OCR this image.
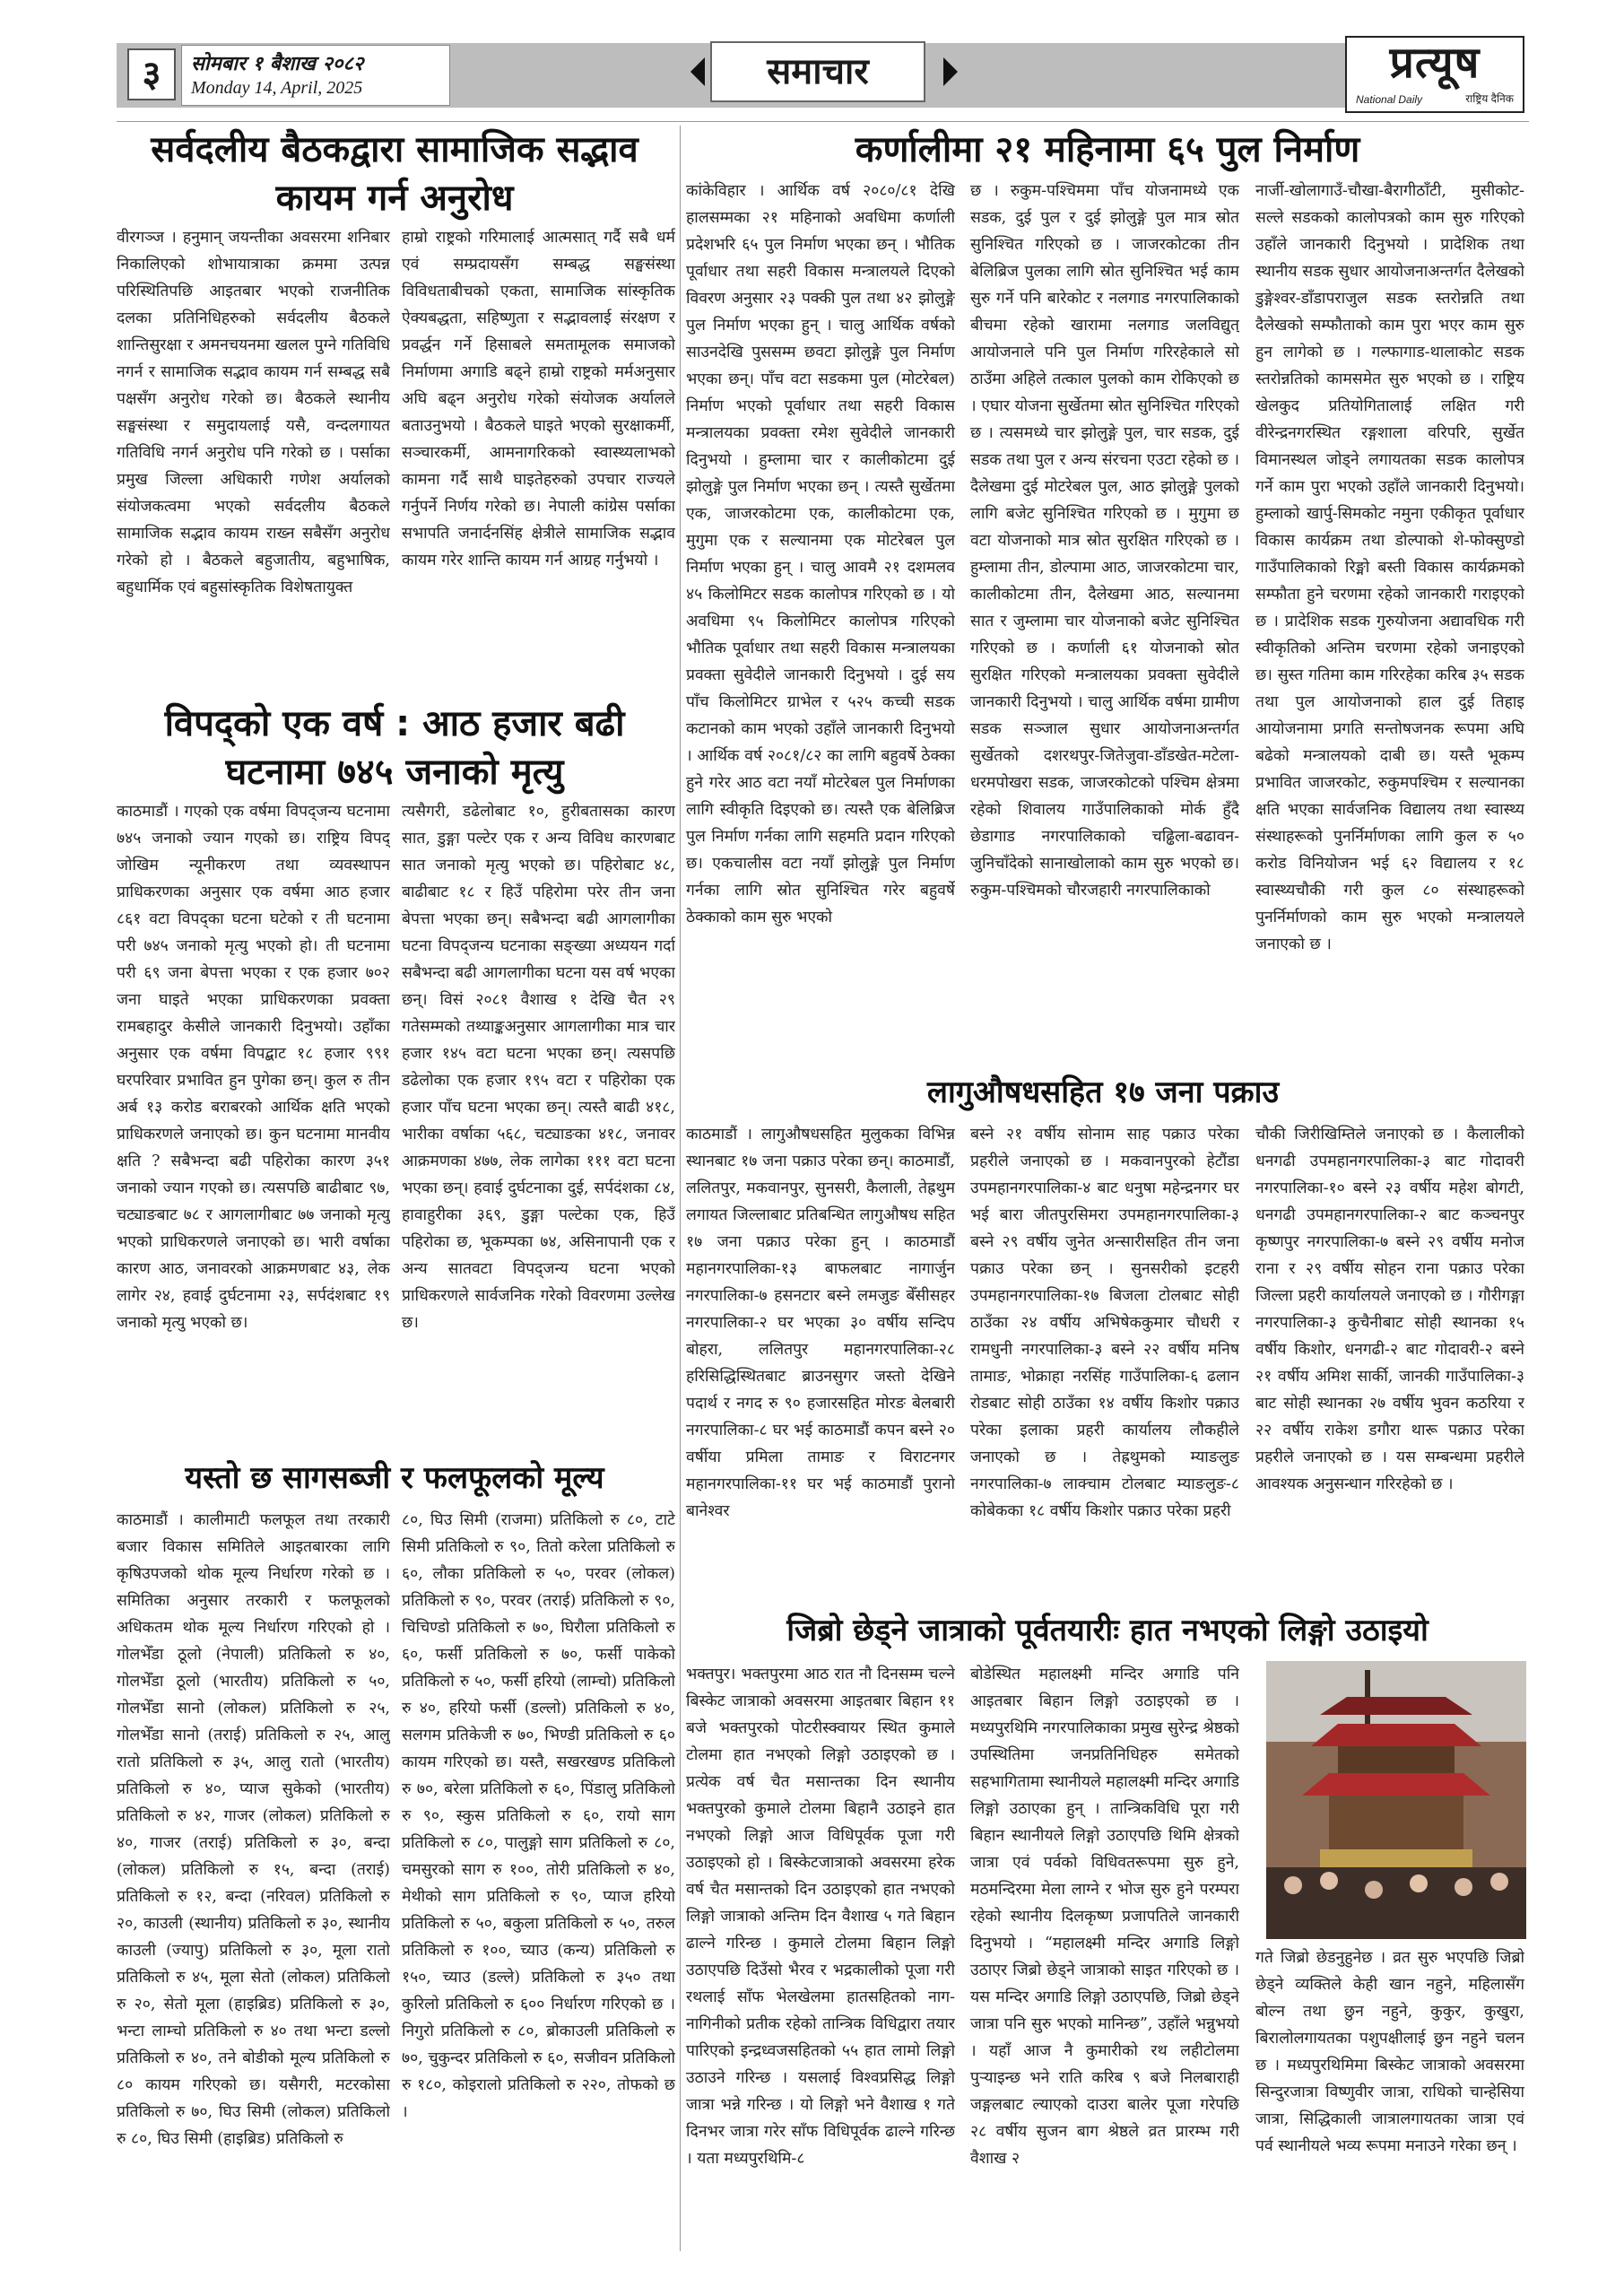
३	सोमबार १ बैशाख २०८२
Monday 14, April, 2025	समाचार	प्रत्यूष
National Daily	राष्ट्रिय दैनिक
सर्वदलीय बैठकद्वारा सामाजिक सद्भाव
कायम गर्न अनुरोध
वीरगञ्ज । हनुमान् जयन्तीका अवसरमा शनिबार निकालिएको शोभायात्राका क्रममा उत्पन्न परिस्थितिपछि आइतबार भएको राजनीतिक दलका प्रतिनिधिहरुको सर्वदलीय बैठकले शान्तिसुरक्षा र अमनचयनमा खलल पुग्ने गतिविधि नगर्न र सामाजिक सद्भाव कायम गर्न सम्बद्ध सबै पक्षसँग अनुरोध गरेको छ। बैठकले स्थानीय सङ्घसंस्था र समुदायलाई यसै, वन्दलगायत गतिविधि नगर्न अनुरोध पनि गरेको छ । पर्साका प्रमुख जिल्ला अधिकारी गणेश अर्यालको संयोजकत्वमा भएको सर्वदलीय बैठकले सामाजिक सद्भाव कायम राख्न सबैसँग अनुरोध गरेको हो । बैठकले बहुजातीय, बहुभाषिक, बहुधार्मिक एवं बहुसांस्कृतिक विशेषतायुक्त
हाम्रो राष्ट्रको गरिमालाई आत्मसात् गर्दै सबै धर्म एवं सम्प्रदायसँग सम्बद्ध सङ्घसंस्था विविधताबीचको एकता, सामाजिक सांस्कृतिक ऐक्यबद्धता, सहिष्णुता र सद्भावलाई संरक्षण र प्रवर्द्धन गर्ने हिसाबले समतामूलक समाजको निर्माणमा अगाडि बढ्ने हाम्रो राष्ट्रको मर्मअनुसार अघि बढ्न अनुरोध गरेको संयोजक अर्यालले बताउनुभयो । बैठकले घाइते भएको सुरक्षाकर्मी, सञ्चारकर्मी, आमनागरिकको स्वास्थ्यलाभको कामना गर्दै साथै घाइतेहरुको उपचार राज्यले गर्नुपर्ने निर्णय गरेको छ। नेपाली कांग्रेस पर्साका सभापति जनार्दनसिंह क्षेत्रीले सामाजिक सद्भाव कायम गरेर शान्ति कायम गर्न आग्रह गर्नुभयो ।
विपद्को एक वर्ष : आठ हजार बढी
घटनामा ७४५ जनाको मृत्यु
काठमाडौं । गएको एक वर्षमा विपद्जन्य घटनामा ७४५ जनाको ज्यान गएको छ। राष्ट्रिय विपद् जोखिम न्यूनीकरण तथा व्यवस्थापन प्राधिकरणका अनुसार एक वर्षमा आठ हजार ८६१ वटा विपद्का घटना घटेको र ती घटनामा परी ७४५ जनाको मृत्यु भएको हो। ती घटनामा परी ६९ जना बेपत्ता भएका र एक हजार ७०२ जना घाइते भएका प्राधिकरणका प्रवक्ता रामबहादुर केसीले जानकारी दिनुभयो। उहाँका अनुसार एक वर्षमा विपद्बाट १८ हजार ९९१ घरपरिवार प्रभावित हुन पुगेका छन्। कुल रु तीन अर्ब १३ करोड बराबरको आर्थिक क्षति भएको प्राधिकरणले जनाएको छ। कुन घटनामा मानवीय क्षति ? सबैभन्दा बढी पहिरोका कारण ३५१ जनाको ज्यान गएको छ। त्यसपछि बाढीबाट ९७, चट्याङबाट ७८ र आगलागीबाट ७७ जनाको मृत्यु भएको प्राधिकरणले जनाएको छ। भारी वर्षाका कारण आठ, जनावरको आक्रमणबाट ४३, लेक लागेर २४, हवाई दुर्घटनामा २३, सर्पदंशबाट १९ जनाको मृत्यु भएको छ।
त्यसैगरी, डढेलोबाट १०, हुरीबतासका कारण सात, डुङ्गा पल्टेर एक र अन्य विविध कारणबाट सात जनाको मृत्यु भएको छ। पहिरोबाट ४८, बाढीबाट १८ र हिउँ पहिरोमा परेर तीन जना बेपत्ता भएका छन्। सबैभन्दा बढी आगलागीका घटना विपद्जन्य घटनाका सङ्ख्या अध्ययन गर्दा सबैभन्दा बढी आगलागीका घटना यस वर्ष भएका छन्। विसं २०८१ वैशाख १ देखि चैत २९ गतेसम्मको तथ्याङ्कअनुसार आगलागीका मात्र चार हजार १४५ वटा घटना भएका छन्। त्यसपछि डढेलोका एक हजार १९५ वटा र पहिरोका एक हजार पाँच घटना भएका छन्। त्यस्तै बाढी ४१८, भारीका वर्षाका ५६८, चट्याङका ४१८, जनावर आक्रमणका ४७७, लेक लागेका १११ वटा घटना भएका छन्। हवाई दुर्घटनाका दुई, सर्पदंशका ८४, हावाहुरीका ३६९, डुङ्गा पल्टेका एक, हिउँ पहिरोका छ, भूकम्पका ७४, असिनापानी एक र अन्य सातवटा विपद्जन्य घटना भएको प्राधिकरणले सार्वजनिक गरेको विवरणमा उल्लेख छ।
यस्तो छ सागसब्जी र फलफूलको मूल्य
काठमाडौं । कालीमाटी फलफूल तथा तरकारी बजार विकास समितिले आइतबारका लागि कृषिउपजको थोक मूल्य निर्धारण गरेको छ । समितिका अनुसार तरकारी र फलफूलको अधिकतम थोक मूल्य निर्धारण गरिएको हो । गोलभेँडा ठूलो (नेपाली) प्रतिकिलो रु ४०, गोलभेँडा ठूलो (भारतीय) प्रतिकिलो रु ५०, गोलभेँडा सानो (लोकल) प्रतिकिलो रु २५, गोलभेँडा सानो (तराई) प्रतिकिलो रु २५, आलु रातो प्रतिकिलो रु ३५, आलु रातो (भारतीय) प्रतिकिलो रु ४०, प्याज सुकेको (भारतीय) प्रतिकिलो रु ४२, गाजर (लोकल) प्रतिकिलो रु ४०, गाजर (तराई) प्रतिकिलो रु ३०, बन्दा (लोकल) प्रतिकिलो रु १५, बन्दा (तराई) प्रतिकिलो रु १२, बन्दा (नरिवल) प्रतिकिलो रु २०, काउली (स्थानीय) प्रतिकिलो रु ३०, स्थानीय काउली (ज्यापु) प्रतिकिलो रु ३०, मूला रातो प्रतिकिलो रु ४५, मूला सेतो (लोकल) प्रतिकिलो रु २०, सेतो मूला (हाइब्रिड) प्रतिकिलो रु ३०, भन्टा लाम्चो प्रतिकिलो रु ४० तथा भन्टा डल्लो प्रतिकिलो रु ४०, तने बोडीको मूल्य प्रतिकिलो रु ८० कायम गरिएको छ। यसैगरी, मटरकोसा प्रतिकिलो रु ७०, घिउ सिमी (लोकल) प्रतिकिलो रु ८०, घिउ सिमी (हाइब्रिड) प्रतिकिलो रु
८०, घिउ सिमी (राजमा) प्रतिकिलो रु ८०, टाटे सिमी प्रतिकिलो रु ९०, तितो करेला प्रतिकिलो रु ६०, लौका प्रतिकिलो रु ५०, परवर (लोकल) प्रतिकिलो रु ९०, परवर (तराई) प्रतिकिलो रु ९०, चिचिण्डो प्रतिकिलो रु ७०, घिरौला प्रतिकिलो रु ६०, फर्सी प्रतिकिलो रु ७०, फर्सी पाकेको प्रतिकिलो रु ५०, फर्सी हरियो (लाम्चो) प्रतिकिलो रु ४०, हरियो फर्सी (डल्लो) प्रतिकिलो रु ४०, सलगम प्रतिकेजी रु ७०, भिण्डी प्रतिकिलो रु ६० कायम गरिएको छ। यस्तै, सखरखण्ड प्रतिकिलो रु ७०, बरेला प्रतिकिलो रु ६०, पिंडालु प्रतिकिलो रु ९०, स्कुस प्रतिकिलो रु ६०, रायो साग प्रतिकिलो रु ८०, पालुङ्गो साग प्रतिकिलो रु ८०, चमसुरको साग रु १००, तोरी प्रतिकिलो रु ४०, मेथीको साग प्रतिकिलो रु ९०, प्याज हरियो प्रतिकिलो रु ५०, बकुला प्रतिकिलो रु ५०, तरुल प्रतिकिलो रु १००, च्याउ (कन्य) प्रतिकिलो रु १५०, च्याउ (डल्ले) प्रतिकिलो रु ३५० तथा कुरिलो प्रतिकिलो रु ६०० निर्धारण गरिएको छ । निगुरो प्रतिकिलो रु ८०, ब्रोकाउली प्रतिकिलो रु ७०, चुकुन्दर प्रतिकिलो रु ६०, सजीवन प्रतिकिलो रु १८०, कोइरालो प्रतिकिलो रु २२०, तोफको छ ।
कर्णालीमा २१ महिनामा ६५ पुल निर्माण
कांकेविहार । आर्थिक वर्ष २०८०/८१ देखि हालसम्मका २१ महिनाको अवधिमा कर्णाली प्रदेशभरि ६५ पुल निर्माण भएका छन् । भौतिक पूर्वाधार तथा सहरी विकास मन्त्रालयले दिएको विवरण अनुसार २३ पक्की पुल तथा ४२ झोलुङ्गे पुल निर्माण भएका हुन् । चालु आर्थिक वर्षको साउनदेखि पुससम्म छवटा झोलुङ्गे पुल निर्माण भएका छन्। पाँच वटा सडकमा पुल (मोटरेबल) निर्माण भएको पूर्वाधार तथा सहरी विकास मन्त्रालयका प्रवक्ता रमेश सुवेदीले जानकारी दिनुभयो । हुम्लामा चार र कालीकोटमा दुई झोलुङ्गे पुल निर्माण भएका छन् । त्यस्तै सुर्खेतमा एक, जाजरकोटमा एक, कालीकोटमा एक, मुगुमा एक र सल्यानमा एक मोटरेबल पुल निर्माण भएका हुन् । चालु आवमै २१ दशमलव ४५ किलोमिटर सडक कालोपत्र गरिएको छ । यो अवधिमा ९५ किलोमिटर कालोपत्र गरिएको भौतिक पूर्वाधार तथा सहरी विकास मन्त्रालयका प्रवक्ता सुवेदीले जानकारी दिनुभयो । दुई सय पाँच किलोमिटर ग्राभेल र ५२५ कच्ची सडक कटानको काम भएको उहाँले जानकारी दिनुभयो । आर्थिक वर्ष २०८१/८२ का लागि बहुवर्षे ठेक्का हुने गरेर आठ वटा नयाँ मोटरेबल पुल निर्माणका लागि स्वीकृति दिइएको छ। त्यस्तै एक बेलिब्रिज पुल निर्माण गर्नका लागि सहमति प्रदान गरिएको छ। एकचालीस वटा नयाँ झोलुङ्गे पुल निर्माण गर्नका लागि स्रोत सुनिश्चित गरेर बहुवर्षे ठेक्काको काम सुरु भएको
छ । रुकुम-पश्चिममा पाँच योजनामध्ये एक सडक, दुई पुल र दुई झोलुङ्गे पुल मात्र स्रोत सुनिश्चित गरिएको छ । जाजरकोटका तीन बेलिब्रिज पुलका लागि स्रोत सुनिश्चित भई काम सुरु गर्ने पनि बारेकोट र नलगाड नगरपालिकाको बीचमा रहेको खारामा नलगाड जलविद्युत् आयोजनाले पनि पुल निर्माण गरिरहेकाले सो ठाउँमा अहिले तत्काल पुलको काम रोकिएको छ । एघार योजना सुर्खेतमा स्रोत सुनिश्चित गरिएको छ । त्यसमध्ये चार झोलुङ्गे पुल, चार सडक, दुई सडक तथा पुल र अन्य संरचना एउटा रहेको छ । दैलेखमा दुई मोटरेबल पुल, आठ झोलुङ्गे पुलको लागि बजेट सुनिश्चित गरिएको छ । मुगुमा छ वटा योजनाको मात्र स्रोत सुरक्षित गरिएको छ । हुम्लामा तीन, डोल्पामा आठ, जाजरकोटमा चार, कालीकोटमा तीन, दैलेखमा आठ, सल्यानमा सात र जुम्लामा चार योजनाको बजेट सुनिश्चित गरिएको छ । कर्णाली ६१ योजनाको स्रोत सुरक्षित गरिएको मन्त्रालयका प्रवक्ता सुवेदीले जानकारी दिनुभयो । चालु आर्थिक वर्षमा ग्रामीण सडक सञ्जाल सुधार आयोजनाअन्तर्गत सुर्खेतको दशरथपुर-जितेजुवा-डाँडखेत-मटेला-धरमपोखरा सडक, जाजरकोटको पश्चिम क्षेत्रमा रहेको शिवालय गाउँपालिकाको मोर्क हुँदै छेडागाड नगरपालिकाको चढ्ढिला-बढावन-जुनिचाँदेको सानाखोलाको काम सुरु भएको छ। रुकुम-पश्चिमको चौरजहारी नगरपालिकाको
नार्जी-खोलागाउँ-चौखा-बैरागीठाँटी, मुसीकोट-सल्ले सडकको कालोपत्रको काम सुरु गरिएको उहाँले जानकारी दिनुभयो । प्रादेशिक तथा स्थानीय सडक सुधार आयोजनाअन्तर्गत दैलेखको डुङ्गेश्वर-डाँडापराजुल सडक स्तरोन्नति तथा दैलेखको सम्फौताको काम पुरा भएर काम सुरु हुन लागेको छ । गल्फागाड-थालाकोट सडक स्तरोन्नतिको कामसमेत सुरु भएको छ । राष्ट्रिय खेलकुद प्रतियोगितालाई लक्षित गरी वीरेन्द्रनगरस्थित रङ्गशाला वरिपरि, सुर्खेत विमानस्थल जोड्ने लगायतका सडक कालोपत्र गर्ने काम पुरा भएको उहाँले जानकारी दिनुभयो। हुम्लाको खार्पु-सिमकोट नमुना एकीकृत पूर्वाधार विकास कार्यक्रम तथा डोल्पाको शे-फोक्सुण्डो गाउँपालिकाको रिङ्मो बस्ती विकास कार्यक्रमको सम्फौता हुने चरणमा रहेको जानकारी गराइएको छ । प्रादेशिक सडक गुरुयोजना अद्यावधिक गरी स्वीकृतिको अन्तिम चरणमा रहेको जनाइएको छ। सुस्त गतिमा काम गरिरहेका करिब ३५ सडक तथा पुल आयोजनाको हाल दुई तिहाइ आयोजनामा प्रगति सन्तोषजनक रूपमा अघि बढेको मन्त्रालयको दाबी छ। यस्तै भूकम्प प्रभावित जाजरकोट, रुकुमपश्चिम र सल्यानका क्षति भएका सार्वजनिक विद्यालय तथा स्वास्थ्य संस्थाहरूको पुनर्निर्माणका लागि कुल रु ५० करोड विनियोजन भई ६२ विद्यालय र १८ स्वास्थ्यचौकी गरी कुल ८० संस्थाहरूको पुनर्निर्माणको काम सुरु भएको मन्त्रालयले जनाएको छ ।
लागुऔषधसहित १७ जना पक्राउ
काठमाडौं । लागुऔषधसहित मुलुकका विभिन्न स्थानबाट १७ जना पक्राउ परेका छन्। काठमाडौं, ललितपुर, मकवानपुर, सुनसरी, कैलाली, तेह्रथुम लगायत जिल्लाबाट प्रतिबन्धित लागुऔषध सहित १७ जना पक्राउ परेका हुन् । काठमाडौं महानगरपालिका-१३ बाफलबाट नागार्जुन नगरपालिका-७ हसनटार बस्ने लमजुङ बेँसीसहर नगरपालिका-२ घर भएका ३० वर्षीय सन्दिप बोहरा, ललितपुर महानगरपालिका-२८ हरिसिद्धिस्थितबाट ब्राउनसुगर जस्तो देखिने पदार्थ र नगद रु ९० हजारसहित मोरङ बेलबारी नगरपालिका-८ घर भई काठमाडौं कपन बस्ने २० वर्षीया प्रमिला तामाङ र विराटनगर महानगरपालिका-११ घर भई काठमाडौं पुरानो बानेश्वर
बस्ने २१ वर्षीय सोनाम साह पक्राउ परेका प्रहरीले जनाएको छ । मकवानपुरको हेटौंडा उपमहानगरपालिका-४ बाट धनुषा महेन्द्रनगर घर भई बारा जीतपुरसिमरा उपमहानगरपालिका-३ बस्ने २९ वर्षीय जुनेत अन्सारीसहित तीन जना पक्राउ परेका छन् । सुनसरीको इटहरी उपमहानगरपालिका-१७ बिजला टोलबाट सोही ठाउँका २४ वर्षीय अभिषेककुमार चौधरी र रामधुनी नगरपालिका-३ बस्ने २२ वर्षीय मनिष तामाङ, भोक्राहा नरसिंह गाउँपालिका-६ ढलान रोडबाट सोही ठाउँका १४ वर्षीय किशोर पक्राउ परेका इलाका प्रहरी कार्यालय लौकहीले जनाएको छ । तेह्रथुमको म्याङलुङ नगरपालिका-७ लाक्चाम टोलबाट म्याङलुङ-८ कोबेकका १८ वर्षीय किशोर पक्राउ परेका प्रहरी
चौकी जिरीखिम्तिले जनाएको छ । कैलालीको धनगढी उपमहानगरपालिका-३ बाट गोदावरी नगरपालिका-१० बस्ने २३ वर्षीय महेश बोगटी, धनगढी उपमहानगरपालिका-२ बाट कञ्चनपुर कृष्णपुर नगरपालिका-७ बस्ने २९ वर्षीय मनोज राना र २९ वर्षीय सोहन राना पक्राउ परेका जिल्ला प्रहरी कार्यालयले जनाएको छ । गौरीगङ्गा नगरपालिका-३ कुचैनीबाट सोही स्थानका १५ वर्षीय किशोर, धनगढी-२ बाट गोदावरी-२ बस्ने २१ वर्षीय अमिश सार्की, जानकी गाउँपालिका-३ बाट सोही स्थानका २७ वर्षीय भुवन कठरिया र २२ वर्षीय राकेश डगौरा थारू पक्राउ परेका प्रहरीले जनाएको छ । यस सम्बन्धमा प्रहरीले आवश्यक अनुसन्धान गरिरहेको छ ।
जिब्रो छेड्ने जात्राको पूर्वतयारीः हात नभएको लिङ्गो उठाइयो
भक्तपुर। भक्तपुरमा आठ रात नौ दिनसम्म चल्ने बिस्केट जात्राको अवसरमा आइतबार बिहान ११ बजे भक्तपुरको पोटरीस्क्वायर स्थित कुमाले टोलमा हात नभएको लिङ्गो उठाइएको छ । प्रत्येक वर्ष चैत मसान्तका दिन स्थानीय भक्तपुरको कुमाले टोलमा बिहानै उठाइने हात नभएको लिङ्गो आज विधिपूर्वक पूजा गरी उठाइएको हो । बिस्केटजात्राको अवसरमा हरेक वर्ष चैत मसान्तको दिन उठाइएको हात नभएको लिङ्गो जात्राको अन्तिम दिन वैशाख ५ गते बिहान ढाल्ने गरिन्छ । कुमाले टोलमा बिहान लिङ्गो उठाएपछि दिउँसो भैरव र भद्रकालीको पूजा गरी रथलाई साँफ भेलखेलमा हातसहितको नाग-नागिनीको प्रतीक रहेको तान्त्रिक विधिद्वारा तयार पारिएको इन्द्रध्वजसहितको ५५ हात लामो लिङ्गो उठाउने गरिन्छ । यसलाई विश्वप्रसिद्ध लिङ्गो जात्रा भन्ने गरिन्छ । यो लिङ्गो भने वैशाख १ गते दिनभर जात्रा गरेर साँफ विधिपूर्वक ढाल्ने गरिन्छ । यता मध्यपुरथिमि-८
बोडेस्थित महालक्ष्मी मन्दिर अगाडि पनि आइतबार बिहान लिङ्गो उठाइएको छ । मध्यपुरथिमि नगरपालिकाका प्रमुख सुरेन्द्र श्रेष्ठको उपस्थितिमा जनप्रतिनिधिहरु समेतको सहभागितामा स्थानीयले महालक्ष्मी मन्दिर अगाडि लिङ्गो उठाएका हुन् । तान्त्रिकविधि पूरा गरी बिहान स्थानीयले लिङ्गो उठाएपछि थिमि क्षेत्रको जात्रा एवं पर्वको विधिवतरूपमा सुरु हुने, मठमन्दिरमा मेला लाग्ने र भोज सुरु हुने परम्परा रहेको स्थानीय दिलकृष्ण प्रजापतिले जानकारी दिनुभयो । “महालक्ष्मी मन्दिर अगाडि लिङ्गो उठाएर जिब्रो छेड्ने जात्राको साइत गरिएको छ । यस मन्दिर अगाडि लिङ्गो उठाएपछि, जिब्रो छेड्ने जात्रा पनि सुरु भएको मानिन्छ”, उहाँले भन्नुभयो । यहाँ आज नै कुमारीको रथ लहीटोलमा पुऱ्याइन्छ भने राति करिब ९ बजे निलबाराही जङ्गलबाट ल्याएको दाउरा बालेर पूजा गरेपछि २८ वर्षीय सुजन बाग श्रेष्ठले व्रत प्रारम्भ गरी वैशाख २
गते जिब्रो छेडनुहुनेछ । व्रत सुरु भएपछि जिब्रो छेड्ने व्यक्तिले केही खान नहुने, महिलासँग बोल्न तथा छुन नहुने, कुकुर, कुखुरा, बिरालोलगायतका पशुपक्षीलाई छुन नहुने चलन छ । मध्यपुरथिमिमा बिस्केट जात्राको अवसरमा सिन्दुरजात्रा विष्णुवीर जात्रा, राधिको चान्हेसिया जात्रा, सिद्धिकाली जात्रालगायतका जात्रा एवं पर्व स्थानीयले भव्य रूपमा मनाउने गरेका छन् ।
